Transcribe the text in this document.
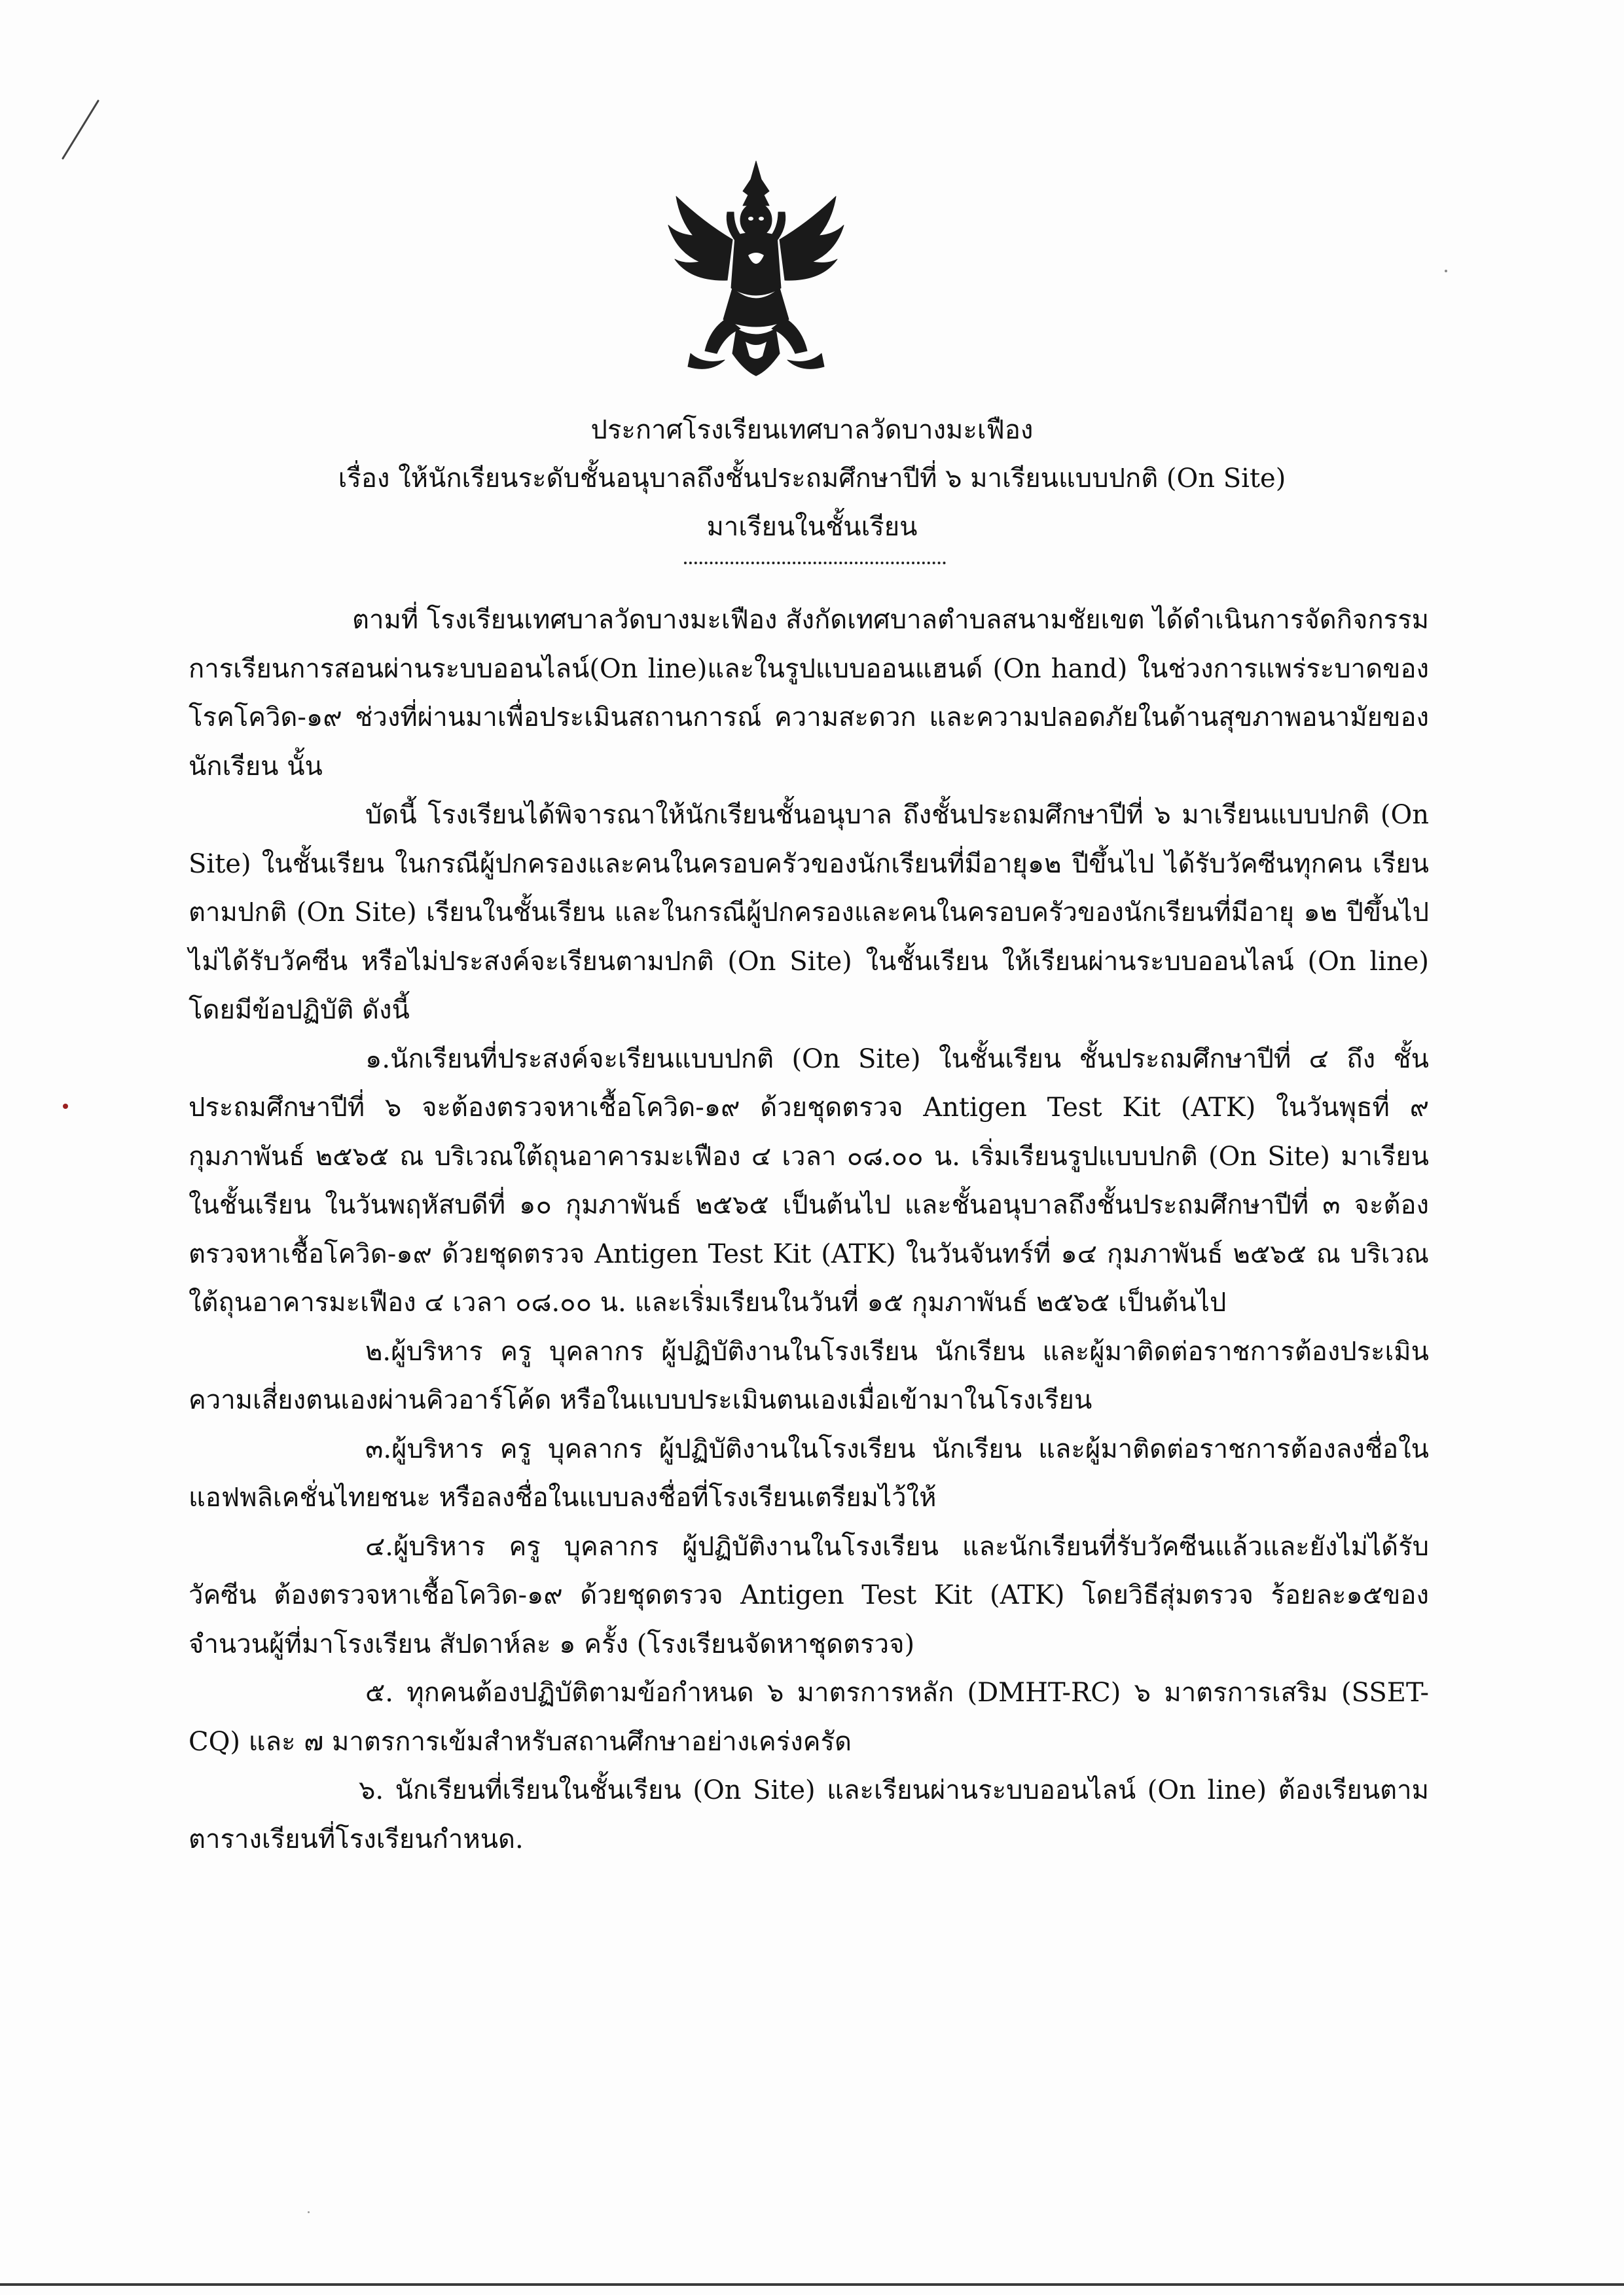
ประกาศโรงเรียนเทศบาลวัดบางมะเฟือง
เรื่อง ให้นักเรียนระดับชั้นอนุบาลถึงชั้นประถมศึกษาปีที่ ๖ มาเรียนแบบปกติ (On Site)
มาเรียนในชั้นเรียน

ตามที่ โรงเรียนเทศบาลวัดบางมะเฟือง สังกัดเทศบาลตำบลสนามชัยเขต ได้ดำเนินการจัดกิจกรรมการเรียนการสอนผ่านระบบออนไลน์(On line)และในรูปแบบออนแฮนด์ (On hand) ในช่วงการแพร่ระบาดของโรคโควิด-๑๙ ช่วงที่ผ่านมาเพื่อประเมินสถานการณ์ ความสะดวก และความปลอดภัยในด้านสุขภาพอนามัยของนักเรียน นั้น

บัดนี้ โรงเรียนได้พิจารณาให้นักเรียนชั้นอนุบาล ถึงชั้นประถมศึกษาปีที่ ๖ มาเรียนแบบปกติ (On Site) ในชั้นเรียน ในกรณีผู้ปกครองและคนในครอบครัวของนักเรียนที่มีอายุ๑๒ ปีขึ้นไป ได้รับวัคซีนทุกคน เรียนตามปกติ (On Site) เรียนในชั้นเรียน และในกรณีผู้ปกครองและคนในครอบครัวของนักเรียนที่มีอายุ ๑๒ ปีขึ้นไป ไม่ได้รับวัคซีน หรือไม่ประสงค์จะเรียนตามปกติ (On Site) ในชั้นเรียน ให้เรียนผ่านระบบออนไลน์ (On line) โดยมีข้อปฏิบัติ ดังนี้

๑.นักเรียนที่ประสงค์จะเรียนแบบปกติ (On Site) ในชั้นเรียน ชั้นประถมศึกษาปีที่ ๔ ถึง ชั้นประถมศึกษาปีที่ ๖ จะต้องตรวจหาเชื้อโควิด-๑๙ ด้วยชุดตรวจ Antigen Test Kit (ATK) ในวันพุธที่ ๙ กุมภาพันธ์ ๒๕๖๕ ณ บริเวณใต้ถุนอาคารมะเฟือง ๔ เวลา ๐๘.๐๐ น. เริ่มเรียนรูปแบบปกติ (On Site) มาเรียนในชั้นเรียน ในวันพฤหัสบดีที่ ๑๐ กุมภาพันธ์ ๒๕๖๕ เป็นต้นไป และชั้นอนุบาลถึงชั้นประถมศึกษาปีที่ ๓ จะต้องตรวจหาเชื้อโควิด-๑๙ ด้วยชุดตรวจ Antigen Test Kit (ATK) ในวันจันทร์ที่ ๑๔ กุมภาพันธ์ ๒๕๖๕ ณ บริเวณใต้ถุนอาคารมะเฟือง ๔ เวลา ๐๘.๐๐ น. และเริ่มเรียนในวันที่ ๑๕ กุมภาพันธ์ ๒๕๖๕ เป็นต้นไป

๒.ผู้บริหาร ครู บุคลากร ผู้ปฏิบัติงานในโรงเรียน นักเรียน และผู้มาติดต่อราชการต้องประเมินความเสี่ยงตนเองผ่านคิวอาร์โค้ด หรือในแบบประเมินตนเองเมื่อเข้ามาในโรงเรียน

๓.ผู้บริหาร ครู บุคลากร ผู้ปฏิบัติงานในโรงเรียน นักเรียน และผู้มาติดต่อราชการต้องลงชื่อในแอฟพลิเคชั่นไทยชนะ หรือลงชื่อในแบบลงชื่อที่โรงเรียนเตรียมไว้ให้

๔.ผู้บริหาร ครู บุคลากร ผู้ปฏิบัติงานในโรงเรียน และนักเรียนที่รับวัคซีนแล้วและยังไม่ได้รับวัคซีน ต้องตรวจหาเชื้อโควิด-๑๙ ด้วยชุดตรวจ Antigen Test Kit (ATK) โดยวิธีสุ่มตรวจ ร้อยละ๑๕ของจำนวนผู้ที่มาโรงเรียน สัปดาห์ละ ๑ ครั้ง (โรงเรียนจัดหาชุดตรวจ)

๕. ทุกคนต้องปฏิบัติตามข้อกำหนด ๖ มาตรการหลัก (DMHT-RC) ๖ มาตรการเสริม (SSET-CQ) และ ๗ มาตรการเข้มสำหรับสถานศึกษาอย่างเคร่งครัด

๖. นักเรียนที่เรียนในชั้นเรียน (On Site) และเรียนผ่านระบบออนไลน์ (On line) ต้องเรียนตามตารางเรียนที่โรงเรียนกำหนด.
